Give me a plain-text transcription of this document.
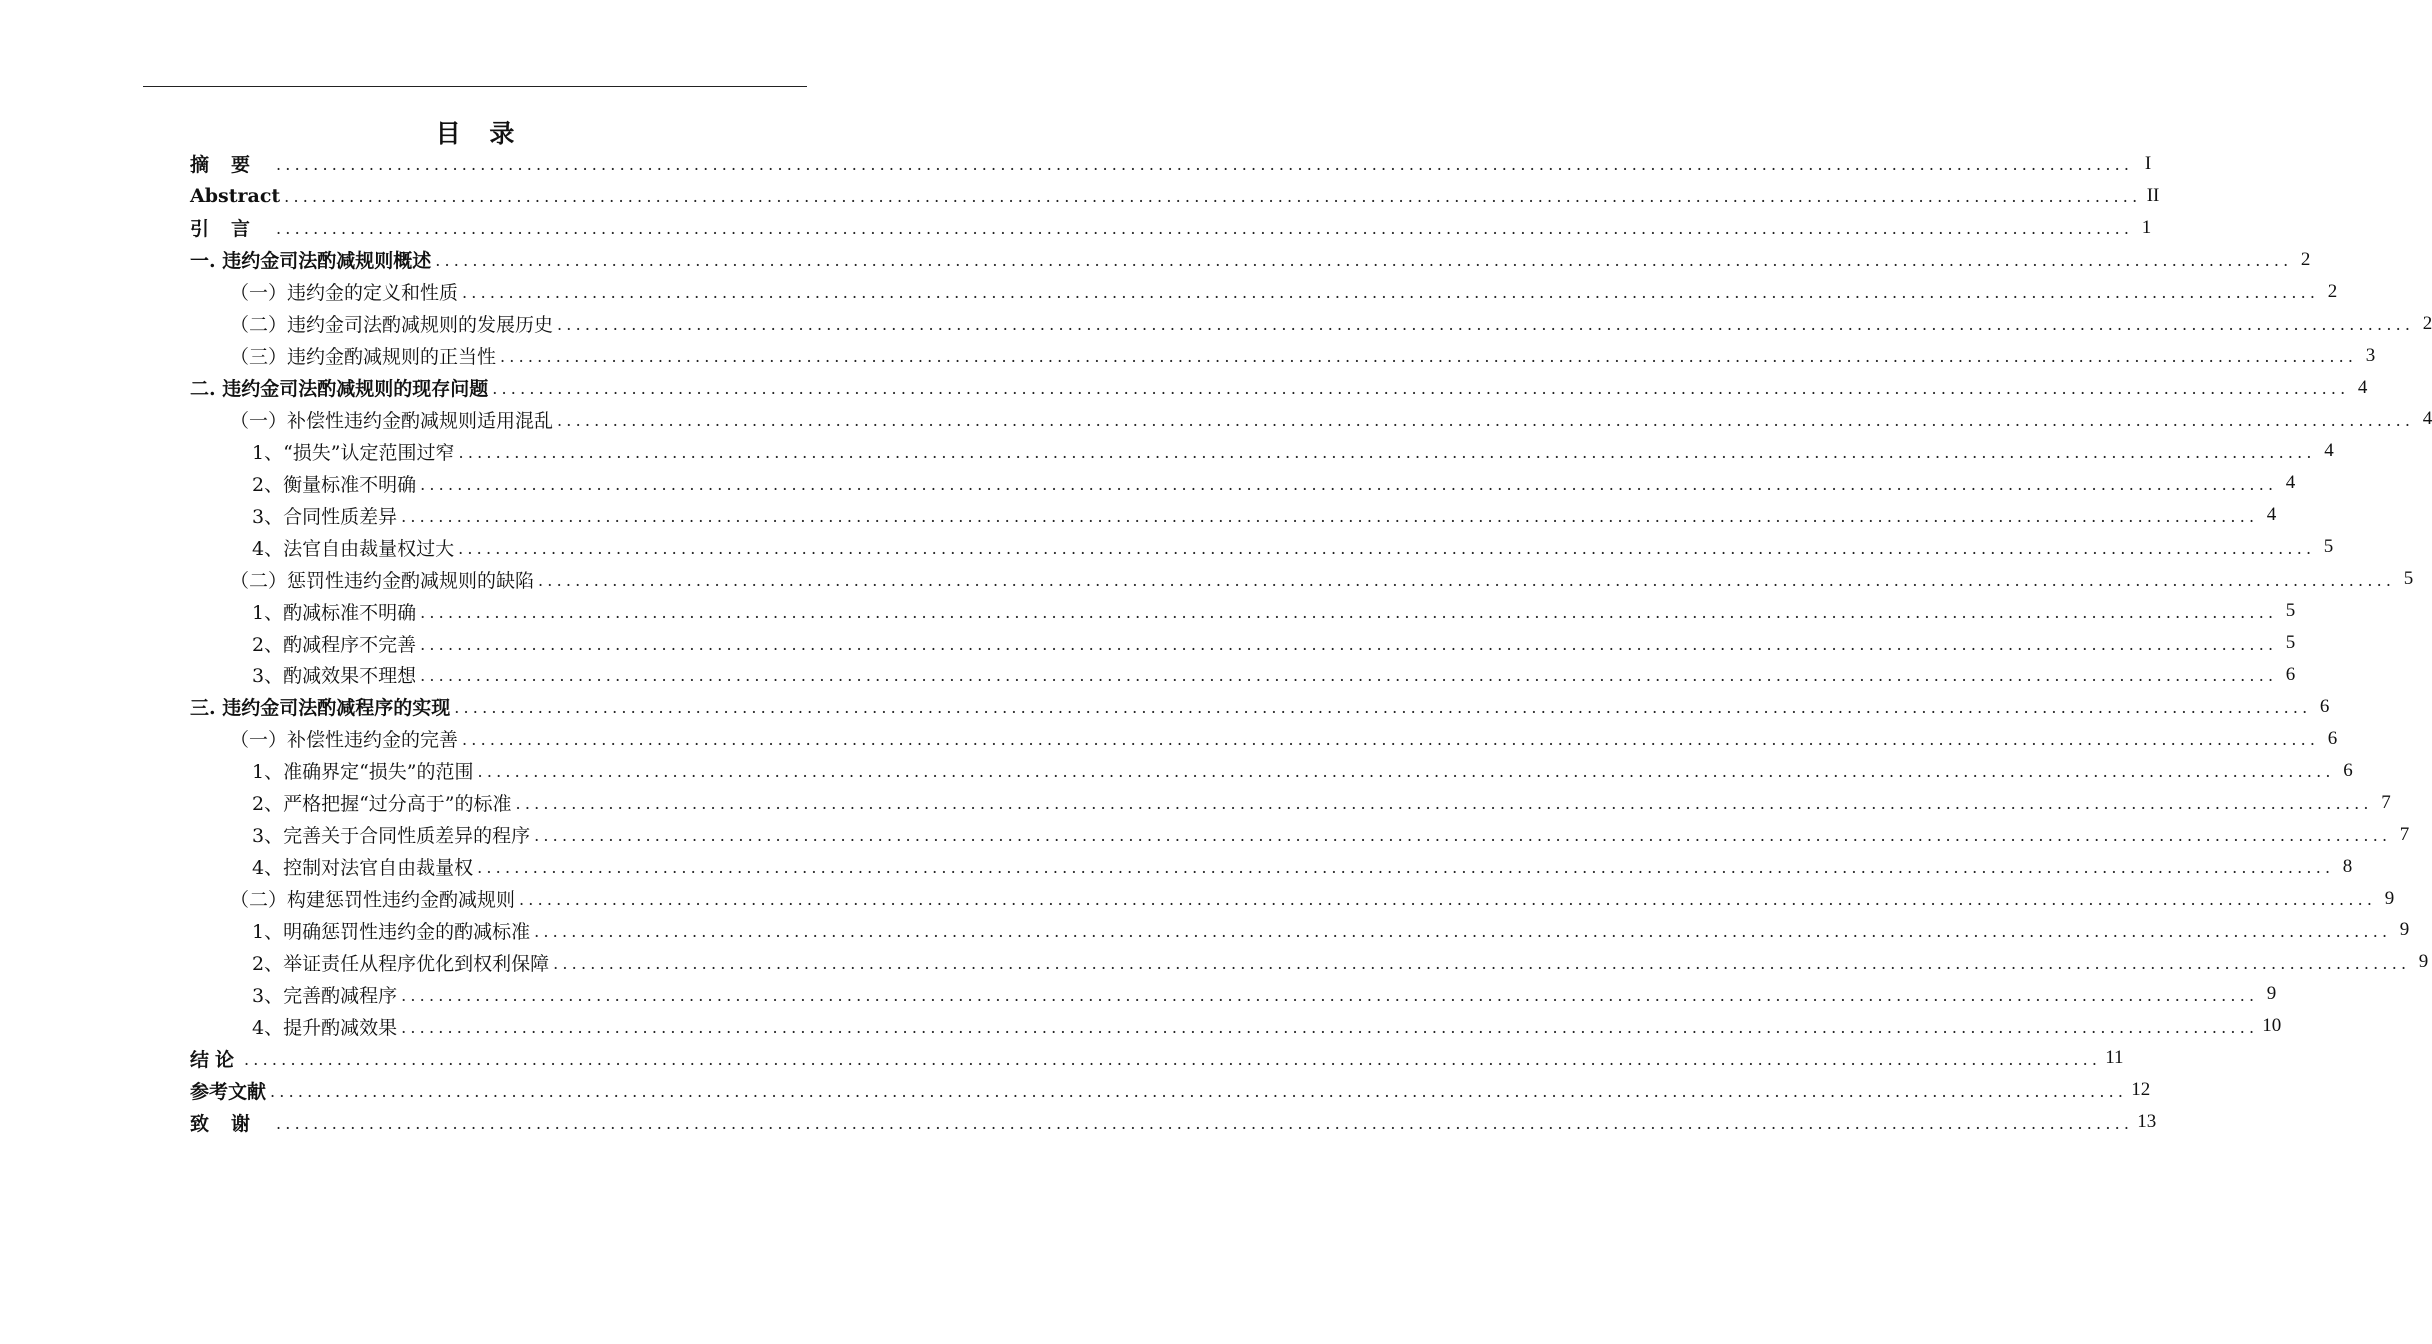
目 录
摘要 ........................................................................................................................................................................................................ I
Abstract ........................................................................................................................................................................................................ II
引言 ........................................................................................................................................................................................................ 1
一. 违约金司法酌减规则概述 ........................................................................................................................................................................................................ 2
（一）违约金的定义和性质 ........................................................................................................................................................................................................ 2
（二）违约金司法酌减规则的发展历史 ........................................................................................................................................................................................................ 2
（三）违约金酌减规则的正当性 ........................................................................................................................................................................................................ 3
二. 违约金司法酌减规则的现存问题 ........................................................................................................................................................................................................ 4
（一）补偿性违约金酌减规则适用混乱 ........................................................................................................................................................................................................ 4
1、“损失”认定范围过窄 ........................................................................................................................................................................................................ 4
2、衡量标准不明确 ........................................................................................................................................................................................................ 4
3、合同性质差异 ........................................................................................................................................................................................................ 4
4、法官自由裁量权过大 ........................................................................................................................................................................................................ 5
（二）惩罚性违约金酌减规则的缺陷 ........................................................................................................................................................................................................ 5
1、酌减标准不明确 ........................................................................................................................................................................................................ 5
2、酌减程序不完善 ........................................................................................................................................................................................................ 5
3、酌减效果不理想 ........................................................................................................................................................................................................ 6
三. 违约金司法酌减程序的实现 ........................................................................................................................................................................................................ 6
（一）补偿性违约金的完善 ........................................................................................................................................................................................................ 6
1、准确界定“损失”的范围 ........................................................................................................................................................................................................ 6
2、严格把握“过分高于”的标准 ........................................................................................................................................................................................................ 7
3、完善关于合同性质差异的程序 ........................................................................................................................................................................................................ 7
4、控制对法官自由裁量权 ........................................................................................................................................................................................................ 8
（二）构建惩罚性违约金酌减规则 ........................................................................................................................................................................................................ 9
1、明确惩罚性违约金的酌减标准 ........................................................................................................................................................................................................ 9
2、举证责任从程序优化到权利保障 ........................................................................................................................................................................................................ 9
3、完善酌减程序 ........................................................................................................................................................................................................ 9
4、提升酌减效果 ........................................................................................................................................................................................................ 10
结论 ........................................................................................................................................................................................................ 11
参考文献 ........................................................................................................................................................................................................ 12
致谢 ........................................................................................................................................................................................................ 13
